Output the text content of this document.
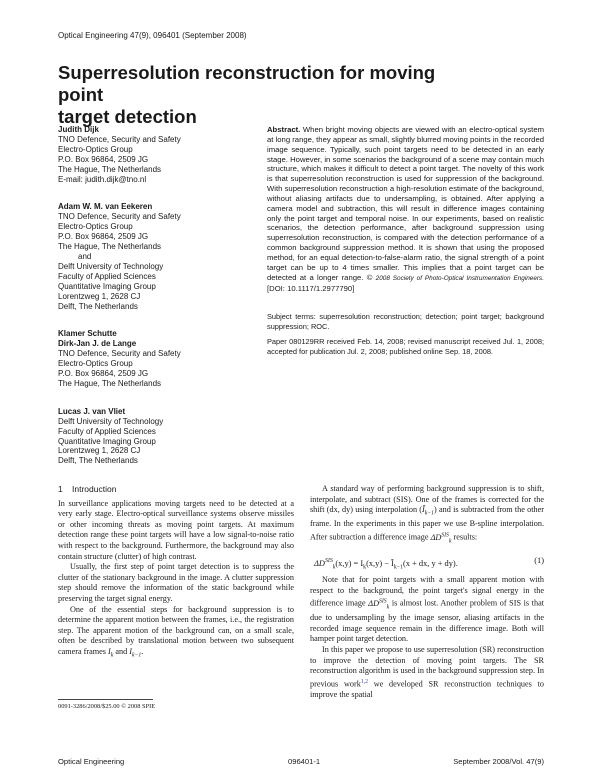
Optical Engineering 47(9), 096401 (September 2008)
Superresolution reconstruction for moving point
target detection
Judith Dijk
TNO Defence, Security and Safety
Electro-Optics Group
P.O. Box 96864, 2509 JG
The Hague, The Netherlands
E-mail: judith.dijk@tno.nl
Adam W. M. van Eekeren
TNO Defence, Security and Safety
Electro-Optics Group
P.O. Box 96864, 2509 JG
The Hague, The Netherlands
and
Delft University of Technology
Faculty of Applied Sciences
Quantitative Imaging Group
Lorentzweg 1, 2628 CJ
Delft, The Netherlands
Klamer Schutte
Dirk-Jan J. de Lange
TNO Defence, Security and Safety
Electro-Optics Group
P.O. Box 96864, 2509 JG
The Hague, The Netherlands
Lucas J. van Vliet
Delft University of Technology
Faculty of Applied Sciences
Quantitative Imaging Group
Lorentzweg 1, 2628 CJ
Delft, The Netherlands
Abstract. When bright moving objects are viewed with an electro-optical system at long range, they appear as small, slightly blurred moving points in the recorded image sequence. Typically, such point targets need to be detected in an early stage. However, in some scenarios the background of a scene may contain much structure, which makes it difficult to detect a point target. The novelty of this work is that superresolution reconstruction is used for suppression of the background. With superresolution reconstruction a high-resolution estimate of the background, without aliasing artifacts due to undersampling, is obtained. After applying a camera model and subtraction, this will result in difference images containing only the point target and temporal noise. In our experiments, based on realistic scenarios, the detection performance, after background suppression using superresolution reconstruction, is compared with the detection performance of a common background suppression method. It is shown that using the proposed method, for an equal detection-to-false-alarm ratio, the signal strength of a point target can be up to 4 times smaller. This implies that a point target can be detected at a longer range. © 2008 Society of Photo-Optical Instrumentation Engineers. [DOI: 10.1117/1.2977790]
Subject terms: superresolution reconstruction; detection; point target; background suppression; ROC.
Paper 080129RR received Feb. 14, 2008; revised manuscript received Jul. 1, 2008; accepted for publication Jul. 2, 2008; published online Sep. 18, 2008.
1 Introduction

In surveillance applications moving targets need to be detected at a very early stage. Electro-optical surveillance systems observe missiles or other incoming threats as moving point targets. At maximum detection range these point targets will have a low signal-to-noise ratio with respect to the background. Furthermore, the background may also contain structure (clutter) of high contrast.

Usually, the first step of point target detection is to suppress the clutter of the stationary background in the image. A clutter suppression step should remove the information of the static background while preserving the target signal energy.

One of the essential steps for background suppression is to determine the apparent motion between the frames, i.e., the registration step. The apparent motion of the background can, on a small scale, often be described by translational motion between two subsequent camera frames $I_k$ and $I_{k-1}$.

0091-3286/2008/$25.00 © 2008 SPIE

A standard way of performing background suppression is to shift, interpolate, and subtract (SIS). One of the frames is corrected for the shift (dx, dy) using interpolation $(Ĩ_{k-1})$ and is subtracted from the other frame. In the experiments in this paper we use B-spline interpolation. After subtraction a difference image $\Delta D^{SIS}_k$ results:

$\Delta D^{SIS}_k(x,y) = I_k(x,y)$ − $Ĩ_{k-1}(x$ + dx, y + dy).	(1)

Note that for point targets with a small apparent motion with respect to the background, the point target's signal energy in the difference image $\Delta D^{SIS}_k$ is almost lost. Another problem of SIS is that due to undersampling by the image sensor, aliasing artifacts in the recorded image sequence remain in the difference image. Both will hamper point target detection.

In this paper we propose to use superresolution (SR) reconstruction to improve the detection of moving point targets. The SR reconstruction algorithm is used in the background suppression step. In previous work$^{1,2}$ we developed SR reconstruction techniques to improve the spatial

Optical Engineering	096401-1	September 2008/Vol. 47(9)
